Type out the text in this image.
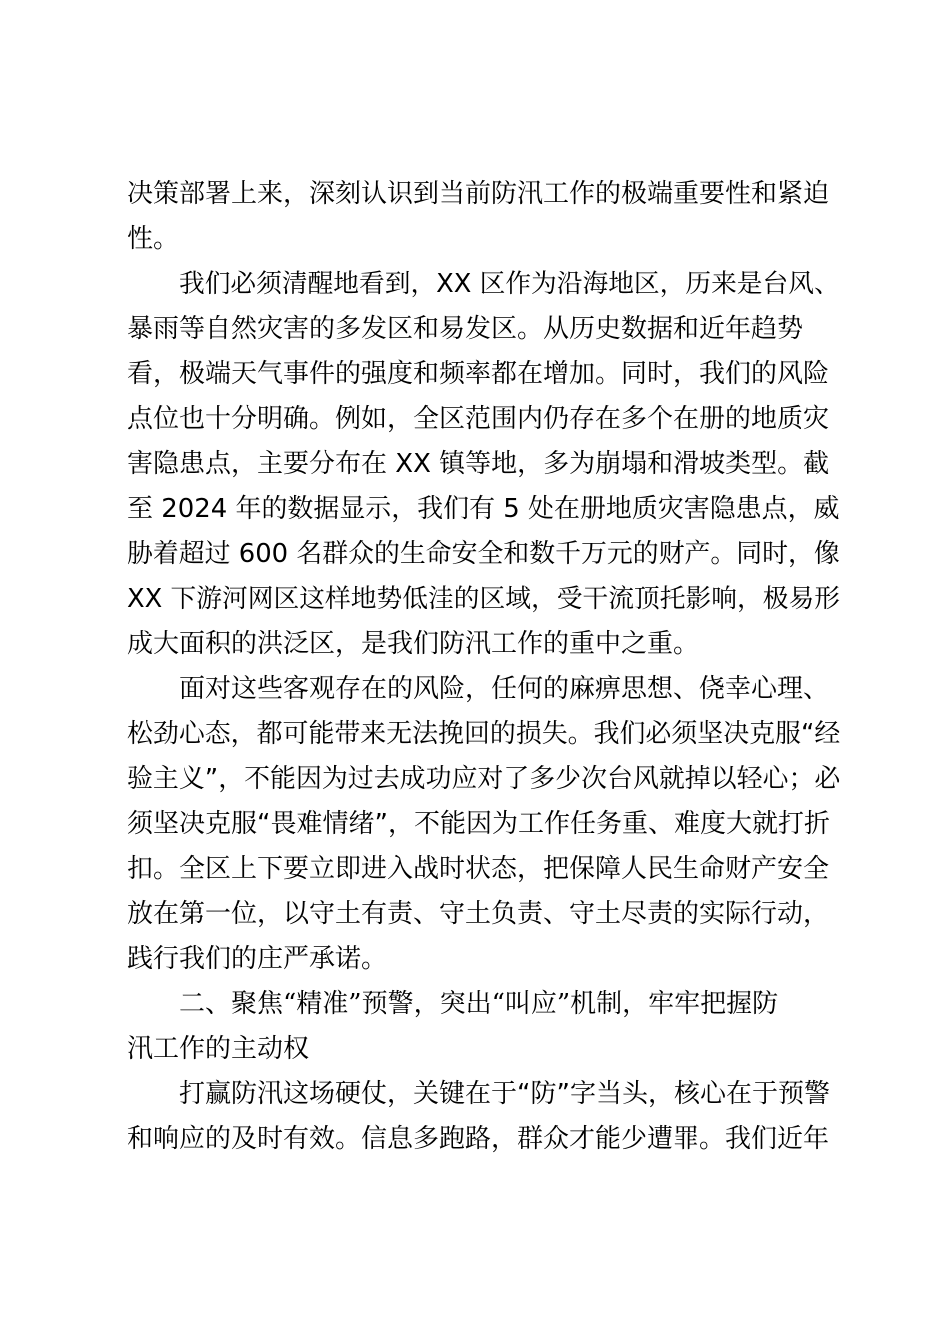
决策部署上来，深刻认识到当前防汛工作的极端重要性和紧迫
性。
我们必须清醒地看到，XX 区作为沿海地区，历来是台风、
暴雨等自然灾害的多发区和易发区。从历史数据和近年趋势
看，极端天气事件的强度和频率都在增加。同时，我们的风险
点位也十分明确。例如，全区范围内仍存在多个在册的地质灾
害隐患点，主要分布在 XX 镇等地，多为崩塌和滑坡类型。截
至 2024 年的数据显示，我们有 5 处在册地质灾害隐患点，威
胁着超过 600 名群众的生命安全和数千万元的财产。同时，像
XX 下游河网区这样地势低洼的区域，受干流顶托影响，极易形
成大面积的洪泛区，是我们防汛工作的重中之重。
面对这些客观存在的风险，任何的麻痹思想、侥幸心理、
松劲心态，都可能带来无法挽回的损失。我们必须坚决克服“经
验主义”，不能因为过去成功应对了多少次台风就掉以轻心；必
须坚决克服“畏难情绪”，不能因为工作任务重、难度大就打折
扣。全区上下要立即进入战时状态，把保障人民生命财产安全
放在第一位，以守土有责、守土负责、守土尽责的实际行动，
践行我们的庄严承诺。
二、聚焦“精准”预警，突出“叫应”机制，牢牢把握防
汛工作的主动权
打赢防汛这场硬仗，关键在于“防”字当头，核心在于预警
和响应的及时有效。信息多跑路，群众才能少遭罪。我们近年
